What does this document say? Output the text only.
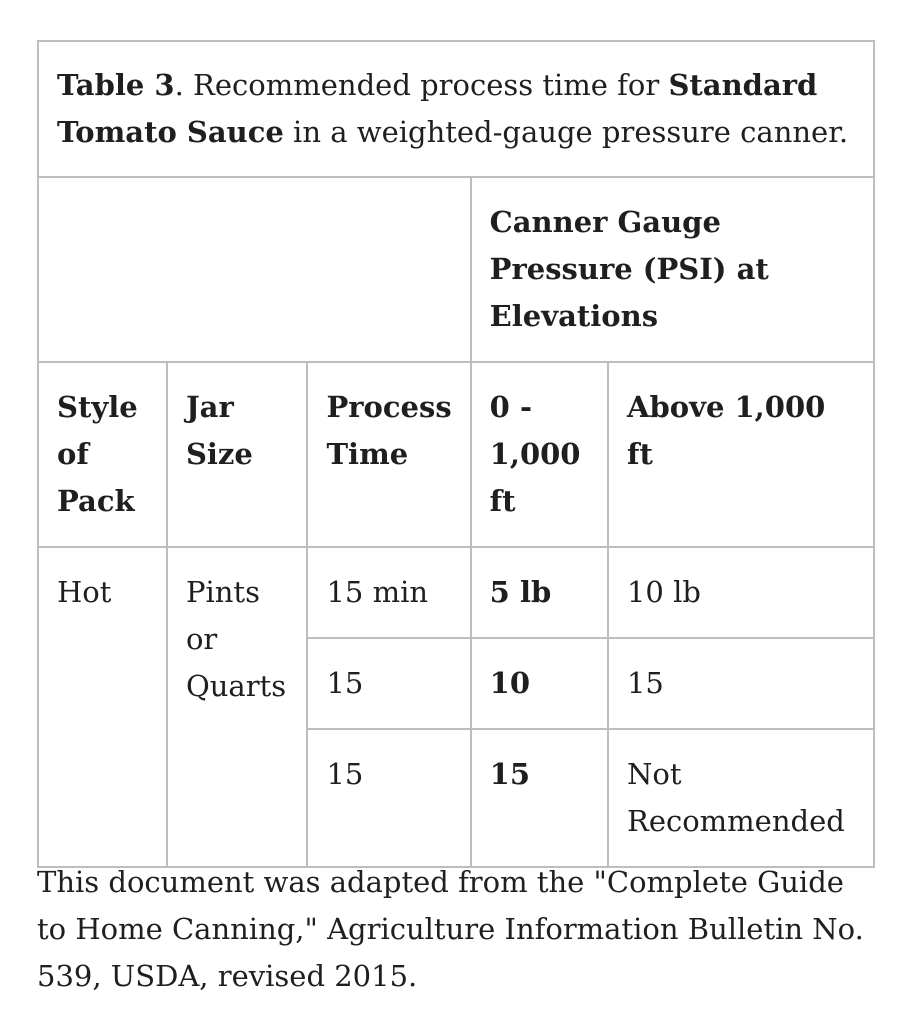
Table 3. Recommended process time for Standard Tomato Sauce in a weighted-gauge pressure canner.				
			Canner Gauge Pressure (PSI) at Elevations	
Style of Pack	Jar Size	Process Time	0 - 1,000 ft	Above 1,000 ft
Hot	Pints or Quarts	15 min	5 lb	10 lb
		15	10	15
		15	15	Not Recommended

This document was adapted from the "Complete Guide to Home Canning," Agriculture Information Bulletin No. 539, USDA, revised 2015.
